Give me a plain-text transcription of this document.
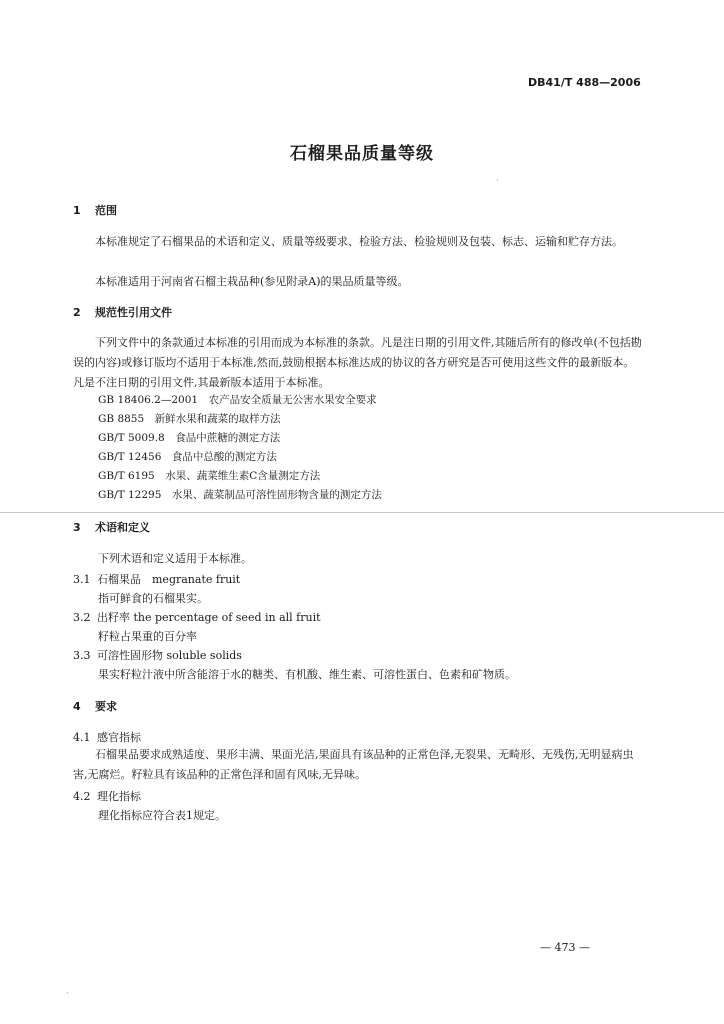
DB41/T 488—2006
石榴果品质量等级
1 范围
本标准规定了石榴果品的术语和定义、质量等级要求、检验方法、检验规则及包装、标志、运输和贮存方法。
本标准适用于河南省石榴主栽品种(参见附录A)的果品质量等级。
2 规范性引用文件
下列文件中的条款通过本标准的引用而成为本标准的条款。凡是注日期的引用文件,其随后所有的修改单(不包括勘误的内容)或修订版均不适用于本标准,然而,鼓励根据本标准达成的协议的各方研究是否可使用这些文件的最新版本。凡是不注日期的引用文件,其最新版本适用于本标准。
GB 18406.2—2001　农产品安全质量无公害水果安全要求
GB 8855　新鲜水果和蔬菜的取样方法
GB/T 5009.8　食品中蔗糖的测定方法
GB/T 12456　食品中总酸的测定方法
GB/T 6195　水果、蔬菜维生素C含量测定方法
GB/T 12295　水果、蔬菜制品可溶性固形物含量的测定方法
3 术语和定义
下列术语和定义适用于本标准。
3.1 石榴果品　megranate fruit
指可鲜食的石榴果实。
3.2 出籽率 the percentage of seed in all fruit
籽粒占果重的百分率
3.3 可溶性固形物 soluble solids
果实籽粒汁液中所含能溶于水的糖类、有机酸、维生素、可溶性蛋白、色素和矿物质。
4 要求
4.1 感官指标
石榴果品要求成熟适度、果形丰满、果面光洁,果面具有该品种的正常色泽,无裂果、无畸形、无残伤,无明显病虫害,无腐烂。籽粒具有该品种的正常色泽和固有风味,无异味。
4.2 理化指标
理化指标应符合表1规定。
— 473 —
·
·
